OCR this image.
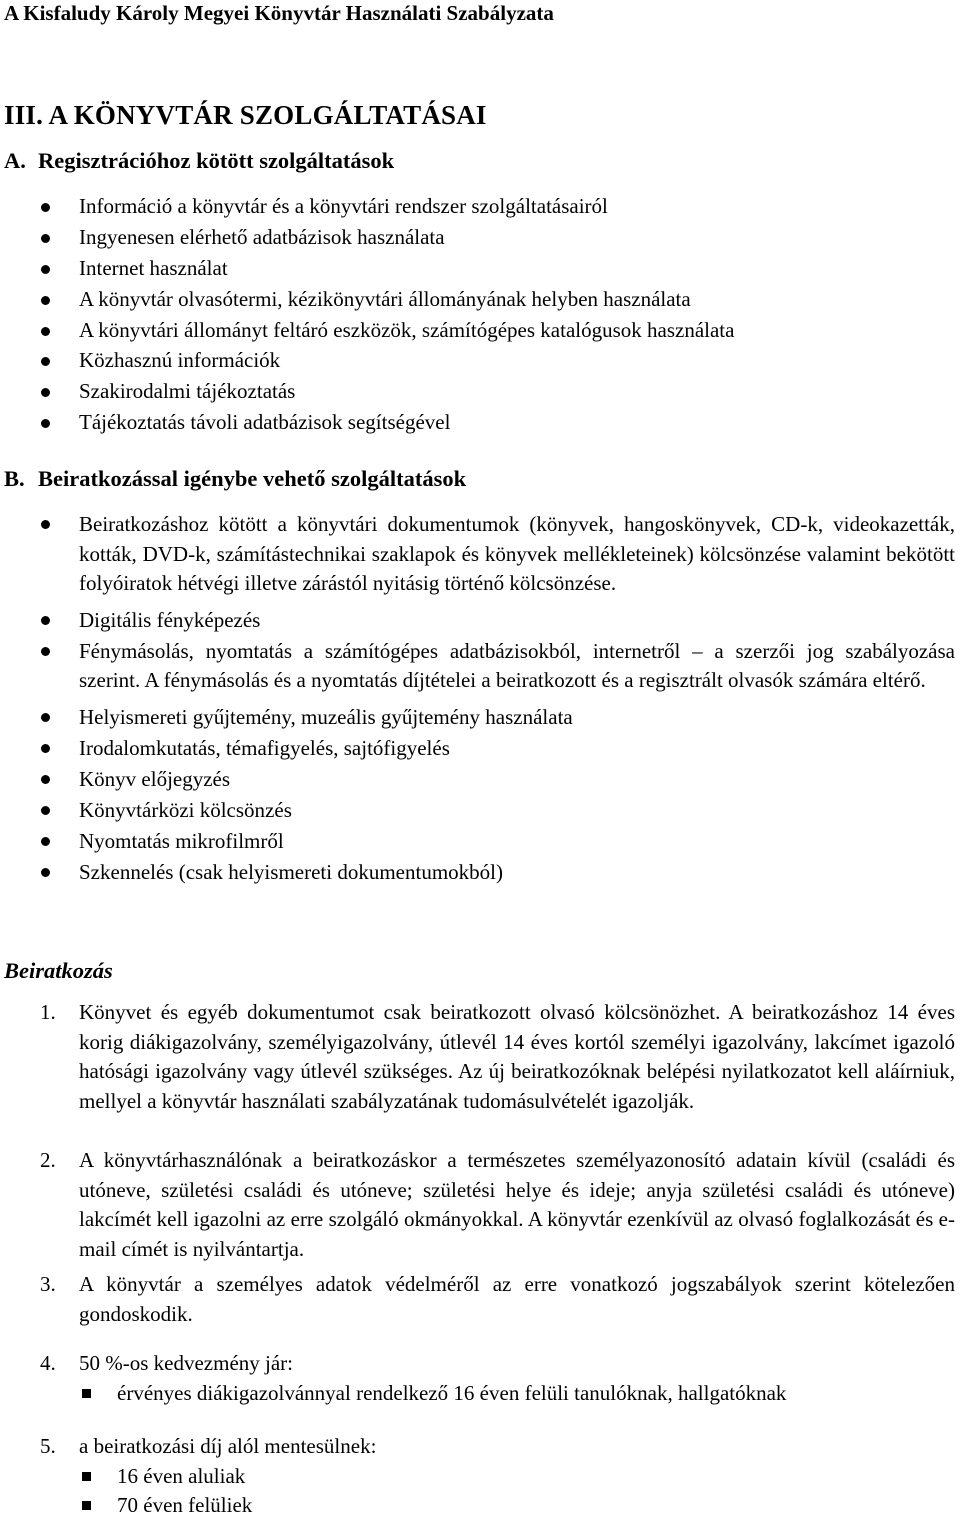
A Kisfaludy Károly Megyei Könyvtár Használati Szabályzata
III. A KÖNYVTÁR SZOLGÁLTATÁSAI
A. Regisztrációhoz kötött szolgáltatások
Információ a könyvtár és a könyvtári rendszer szolgáltatásairól
Ingyenesen elérhető adatbázisok használata
Internet használat
A könyvtár olvasótermi, kézikönyvtári állományának helyben használata
A könyvtári állományt feltáró eszközök, számítógépes katalógusok használata
Közhasznú információk
Szakirodalmi tájékoztatás
Tájékoztatás távoli adatbázisok segítségével
B. Beiratkozással igénybe vehető szolgáltatások
Beiratkozáshoz kötött a könyvtári dokumentumok (könyvek, hangoskönyvek, CD-k, videokazetták, kották, DVD-k, számítástechnikai szaklapok és könyvek mellékleteinek) kölcsönzése valamint bekötött folyóiratok hétvégi illetve zárástól nyitásig történő kölcsönzése.
Digitális fényképezés
Fénymásolás, nyomtatás a számítógépes adatbázisokból, internetről – a szerzői jog szabályozása szerint. A fénymásolás és a nyomtatás díjtételei a beiratkozott és a regisztrált olvasók számára eltérő.
Helyismereti gyűjtemény, muzeális gyűjtemény használata
Irodalomkutatás, témafigyelés, sajtófigyelés
Könyv előjegyzés
Könyvtárközi kölcsönzés
Nyomtatás mikrofilmről
Szkennelés (csak helyismereti dokumentumokból)
Beiratkozás
1. Könyvet és egyéb dokumentumot csak beiratkozott olvasó kölcsönözhet. A beiratkozáshoz 14 éves korig diákigazolvány, személyigazolvány, útlevél 14 éves kortól személyi igazolvány, lakcímet igazoló hatósági igazolvány vagy útlevél szükséges. Az új beiratkozóknak belépési nyilatkozatot kell aláírniuk, mellyel a könyvtár használati szabályzatának tudomásulvételét igazolják.
2. A könyvtárhasználónak a beiratkozáskor a természetes személyazonosító adatain kívül (családi és utóneve, születési családi és utóneve; születési helye és ideje; anyja születési családi és utóneve) lakcímét kell igazolni az erre szolgáló okmányokkal. A könyvtár ezenkívül az olvasó foglalkozását és e-mail címét is nyilvántartja.
3. A könyvtár a személyes adatok védelméről az erre vonatkozó jogszabályok szerint kötelezően gondoskodik.
4. 50 %-os kedvezmény jár:
érvényes diákigazolvánnyal rendelkező 16 éven felüli tanulóknak, hallgatóknak
5. a beiratkozási díj alól mentesülnek:
16 éven aluliak
70 éven felüliek
